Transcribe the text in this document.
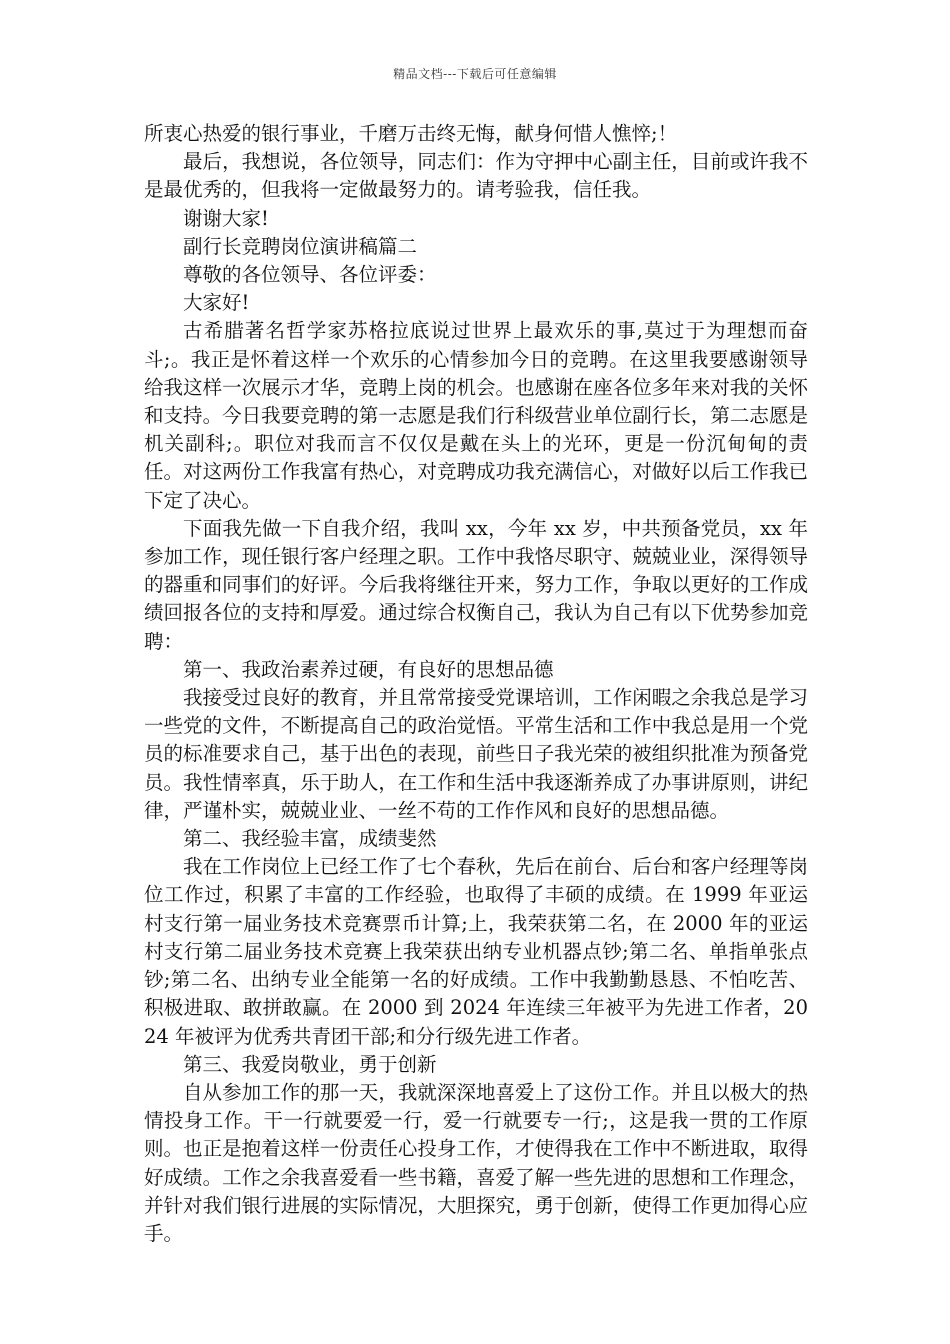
精品文档---下载后可任意编辑

所衷心热爱的银行事业，千磨万击终无悔，献身何惜人憔悴;！

最后，我想说，各位领导，同志们：作为守押中心副主任，目前或许我不是最优秀的，但我将一定做最努力的。请考验我，信任我。

谢谢大家!

副行长竞聘岗位演讲稿篇二

尊敬的各位领导、各位评委：

大家好!

古希腊著名哲学家苏格拉底说过世界上最欢乐的事,莫过于为理想而奋斗;。我正是怀着这样一个欢乐的心情参加今日的竞聘。在这里我要感谢领导给我这样一次展示才华，竞聘上岗的机会。也感谢在座各位多年来对我的关怀和支持。今日我要竞聘的第一志愿是我们行科级营业单位副行长，第二志愿是机关副科;。职位对我而言不仅仅是戴在头上的光环，更是一份沉甸甸的责任。对这两份工作我富有热心，对竞聘成功我充满信心，对做好以后工作我已下定了决心。

下面我先做一下自我介绍，我叫 xx，今年 xx 岁，中共预备党员，xx 年参加工作，现任银行客户经理之职。工作中我恪尽职守、兢兢业业，深得领导的器重和同事们的好评。今后我将继往开来，努力工作，争取以更好的工作成绩回报各位的支持和厚爱。通过综合权衡自己，我认为自己有以下优势参加竞聘：

第一、我政治素养过硬，有良好的思想品德

我接受过良好的教育，并且常常接受党课培训，工作闲暇之余我总是学习一些党的文件，不断提高自己的政治觉悟。平常生活和工作中我总是用一个党员的标准要求自己，基于出色的表现，前些日子我光荣的被组织批准为预备党员。我性情率真，乐于助人，在工作和生活中我逐渐养成了办事讲原则，讲纪律，严谨朴实，兢兢业业、一丝不苟的工作作风和良好的思想品德。

第二、我经验丰富，成绩斐然

我在工作岗位上已经工作了七个春秋，先后在前台、后台和客户经理等岗位工作过，积累了丰富的工作经验，也取得了丰硕的成绩。在 1999 年亚运村支行第一届业务技术竞赛票币计算;上，我荣获第二名，在 2000 年的亚运村支行第二届业务技术竞赛上我荣获出纳专业机器点钞;第二名、单指单张点钞;第二名、出纳专业全能第一名的好成绩。工作中我勤勤恳恳、不怕吃苦、积极进取、敢拼敢赢。在 2000 到 2024 年连续三年被平为先进工作者，2024 年被评为优秀共青团干部;和分行级先进工作者。

第三、我爱岗敬业，勇于创新

自从参加工作的那一天，我就深深地喜爱上了这份工作。并且以极大的热情投身工作。干一行就要爱一行，爱一行就要专一行;，这是我一贯的工作原则。也正是抱着这样一份责任心投身工作，才使得我在工作中不断进取，取得好成绩。工作之余我喜爱看一些书籍，喜爱了解一些先进的思想和工作理念，并针对我们银行进展的实际情况，大胆探究，勇于创新，使得工作更加得心应手。
